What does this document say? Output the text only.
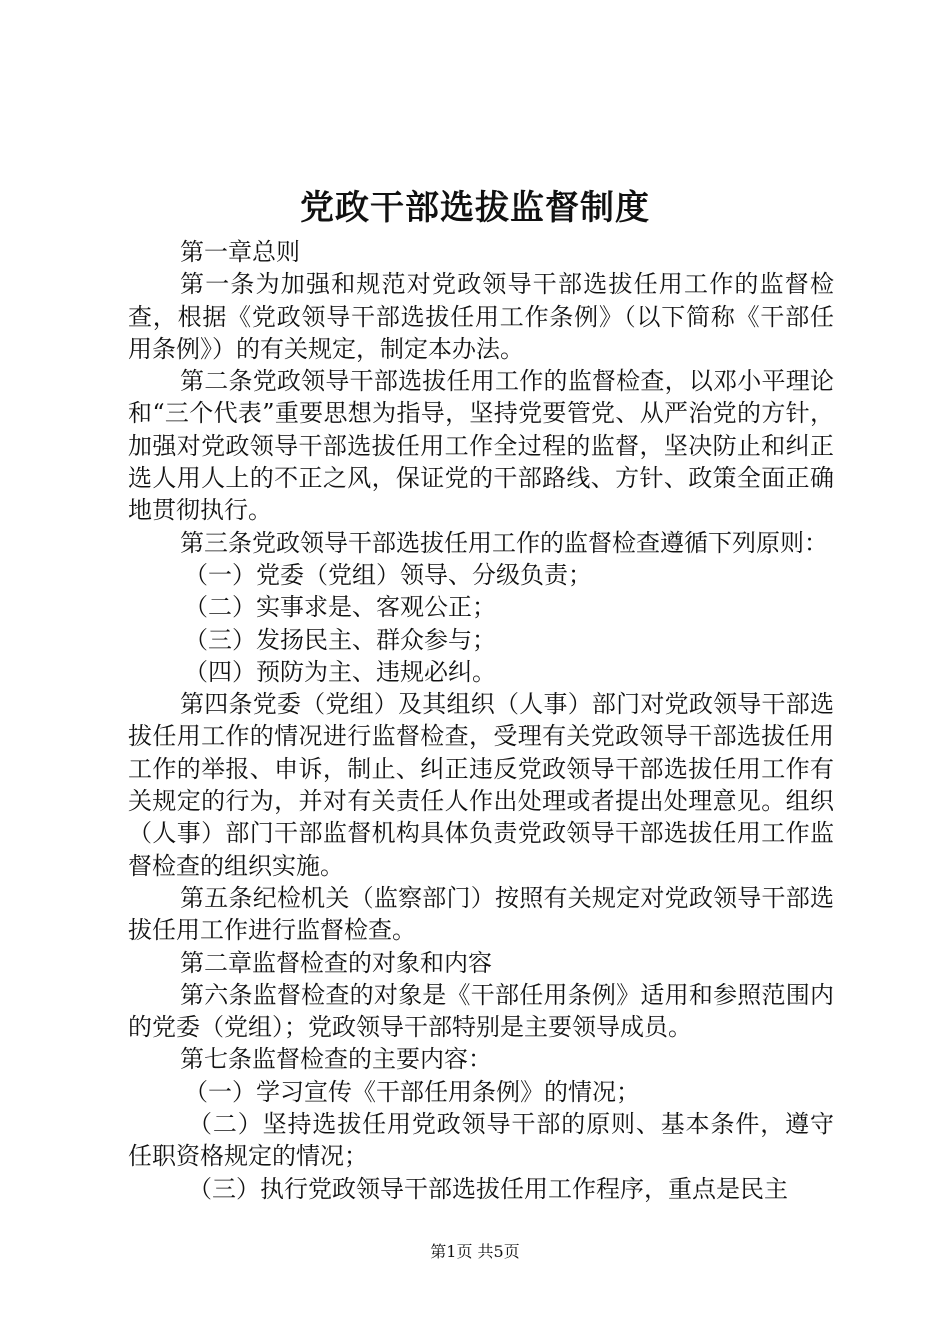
党政干部选拔监督制度

第一章总则

第一条为加强和规范对党政领导干部选拔任用工作的监督检查，根据《党政领导干部选拔任用工作条例》（以下简称《干部任用条例》）的有关规定，制定本办法。

第二条党政领导干部选拔任用工作的监督检查，以邓小平理论和“三个代表”重要思想为指导，坚持党要管党、从严治党的方针，加强对党政领导干部选拔任用工作全过程的监督，坚决防止和纠正选人用人上的不正之风，保证党的干部路线、方针、政策全面正确地贯彻执行。

第三条党政领导干部选拔任用工作的监督检查遵循下列原则：

（一）党委（党组）领导、分级负责；

（二）实事求是、客观公正；

（三）发扬民主、群众参与；

（四）预防为主、违规必纠。

第四条党委（党组）及其组织（人事）部门对党政领导干部选拔任用工作的情况进行监督检查，受理有关党政领导干部选拔任用工作的举报、申诉，制止、纠正违反党政领导干部选拔任用工作有关规定的行为，并对有关责任人作出处理或者提出处理意见。组织（人事）部门干部监督机构具体负责党政领导干部选拔任用工作监督检查的组织实施。

第五条纪检机关（监察部门）按照有关规定对党政领导干部选拔任用工作进行监督检查。

第二章监督检查的对象和内容

第六条监督检查的对象是《干部任用条例》适用和参照范围内的党委（党组）；党政领导干部特别是主要领导成员。

第七条监督检查的主要内容：

（一）学习宣传《干部任用条例》的情况；

（二）坚持选拔任用党政领导干部的原则、基本条件，遵守任职资格规定的情况；

（三）执行党政领导干部选拔任用工作程序，重点是民主

第1页 共5页
